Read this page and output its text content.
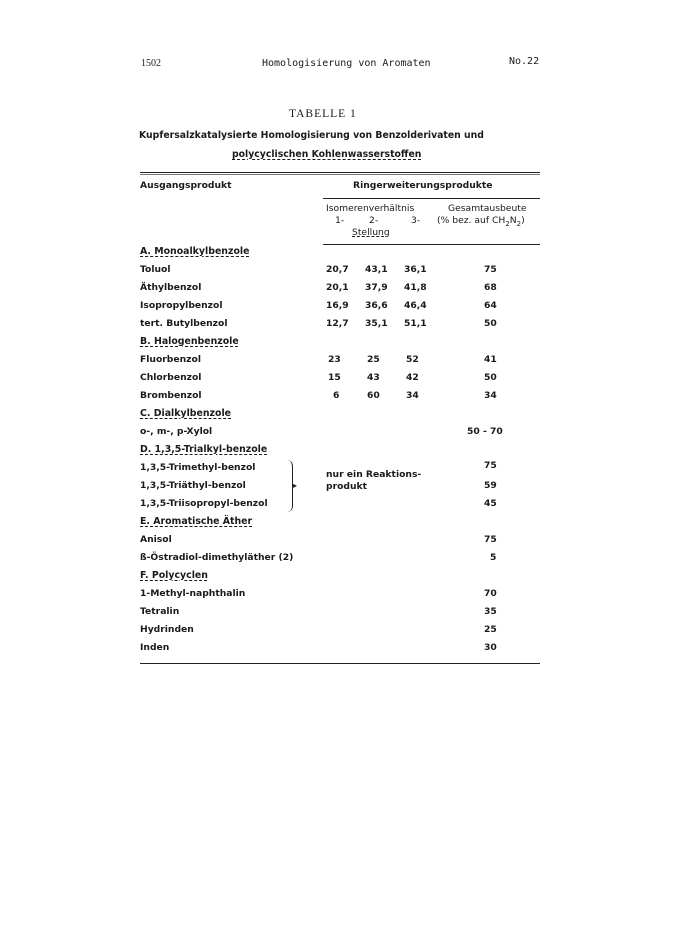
1502	Homologisierung von Aromaten	No.22
TABELLE 1
Kupfersalzkatalysierte Homologisierung von Benzolderivaten und
polycyclischen Kohlenwasserstoffen
Ausgangsprodukt	Ringerweiterungsprodukte
Isomerenverhältnis
1-	2-	3-
Stellung
Gesamtausbeute
(% bez. auf $CH_2N_2$)
A. Monoalkylbenzole
Toluol	20,7 43,1 36,1	75
Äthylbenzol	20,1 37,9 41,8	68
Isopropylbenzol	16,9 36,6 46,4	64
tert. Butylbenzol	12,7 35,1 51,1	50
B. Halogenbenzole
Fluorbenzol	23	25	52	41
Chlorbenzol	15	43	42	50
Brombenzol	6	60	34	34
C. Dialkylbenzole
o-, m-, p-Xylol	50 - 70
D. 1,3,5-Trialkyl-benzole
1,3,5-Trimethyl-benzol	75
1,3,5-Triäthyl-benzol	59
1,3,5-Triisopropyl-benzol	45
▸
nur ein Reaktions-
produkt
E. Aromatische Äther
Anisol	75
ß-Östradiol-dimethyläther (2)	5
F. Polycyclen
1-Methyl-naphthalin	70
Tetralin	35
Hydrinden	25
Inden	30
